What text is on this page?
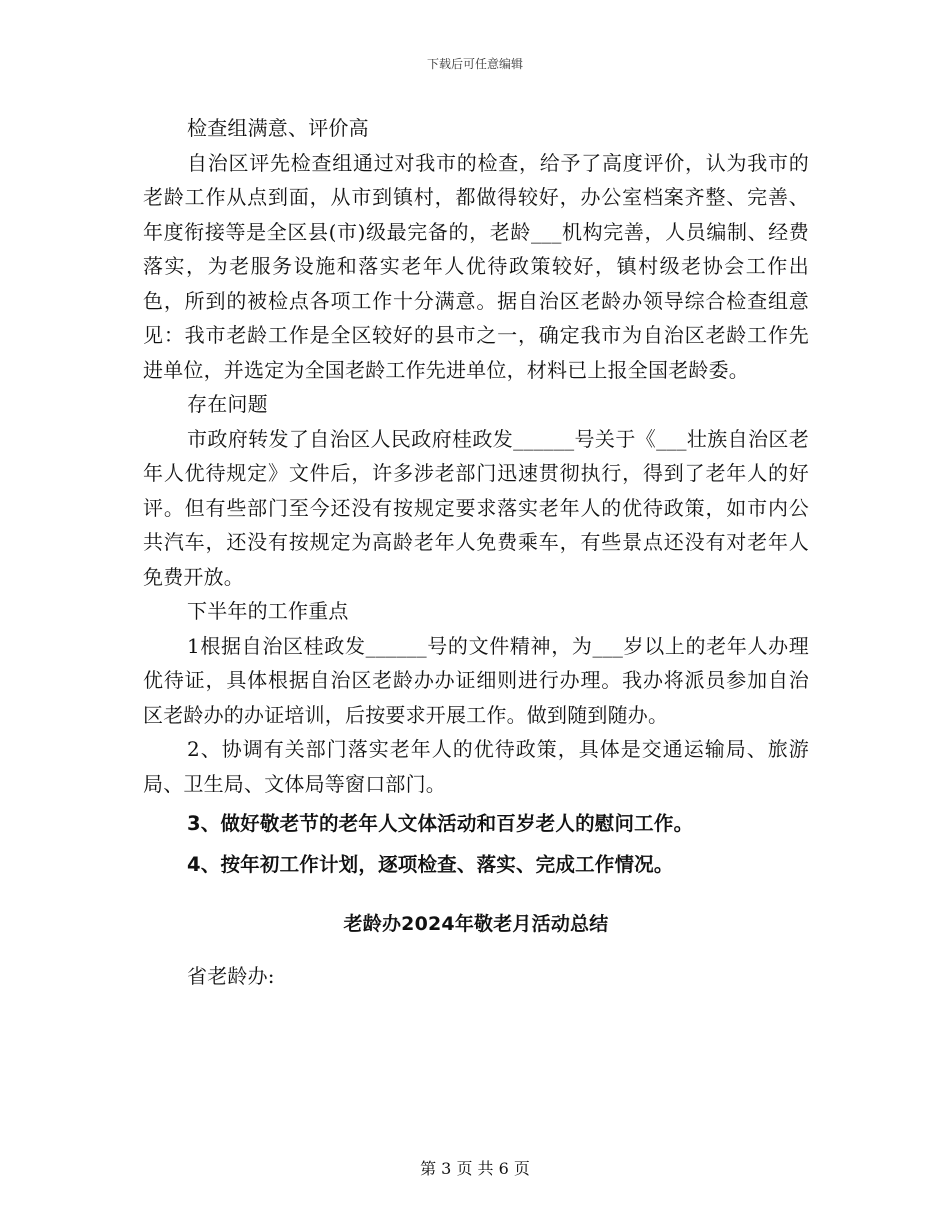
下载后可任意编辑

检查组满意、评价高

自治区评先检查组通过对我市的检查，给予了高度评价，认为我市的老龄工作从点到面，从市到镇村，都做得较好，办公室档案齐整、完善、年度衔接等是全区县(市)级最完备的，老龄___机构完善，人员编制、经费落实，为老服务设施和落实老年人优待政策较好，镇村级老协会工作出色，所到的被检点各项工作十分满意。据自治区老龄办领导综合检查组意见：我市老龄工作是全区较好的县市之一，确定我市为自治区老龄工作先进单位，并选定为全国老龄工作先进单位，材料已上报全国老龄委。

存在问题

市政府转发了自治区人民政府桂政发______号关于《___壮族自治区老年人优待规定》文件后，许多涉老部门迅速贯彻执行，得到了老年人的好评。但有些部门至今还没有按规定要求落实老年人的优待政策，如市内公共汽车，还没有按规定为高龄老年人免费乘车，有些景点还没有对老年人免费开放。

下半年的工作重点

1根据自治区桂政发______号的文件精神，为___岁以上的老年人办理优待证，具体根据自治区老龄办办证细则进行办理。我办将派员参加自治区老龄办的办证培训，后按要求开展工作。做到随到随办。

2、协调有关部门落实老年人的优待政策，具体是交通运输局、旅游局、卫生局、文体局等窗口部门。

3、做好敬老节的老年人文体活动和百岁老人的慰问工作。

4、按年初工作计划，逐项检查、落实、完成工作情况。

老龄办2024年敬老月活动总结

省老龄办:

第 3 页 共 6 页
